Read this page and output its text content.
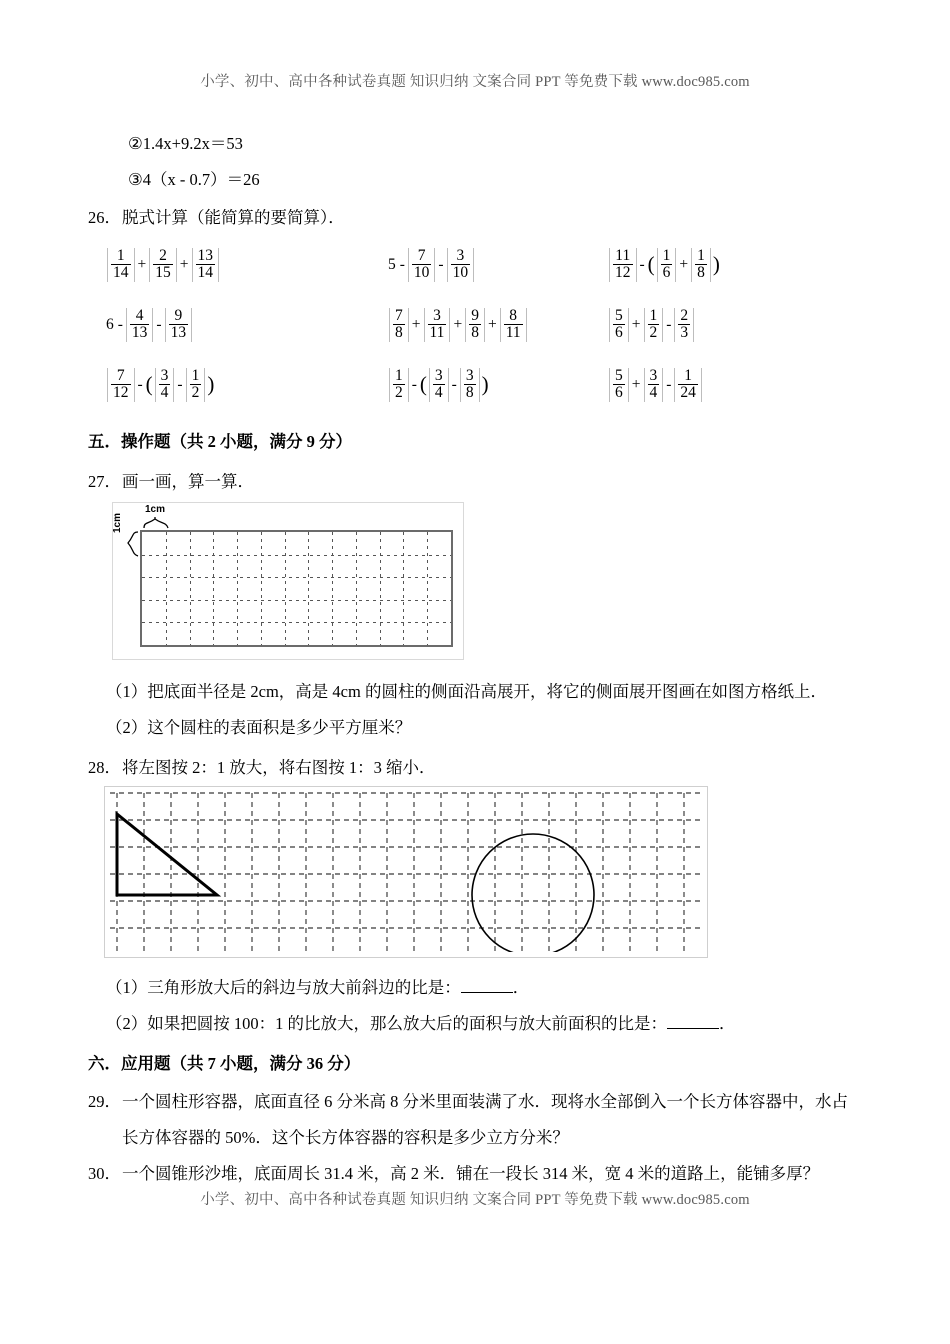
小学、初中、高中各种试卷真题 知识归纳 文案合同 PPT 等免费下载 www.doc985.com
②1.4x+9.2x＝53
③4（x - 0.7）＝26
26． 脱式计算（能简算的要简算）．
$\frac{1}{14} + \frac{2}{15} + \frac{13}{14}$	$5 - \frac{7}{10} - \frac{3}{10}$	$\frac{11}{12}$ - ( $\frac{1}{6} + \frac{1}{8}$ )
$6 - \frac{4}{13} - \frac{9}{13}$	$\frac{7}{8} + \frac{3}{11} + \frac{9}{8} + \frac{8}{11}$	$\frac{5}{6} + \frac{1}{2} - \frac{2}{3}$
$\frac{7}{12}$ - ( $\frac{3}{4} - \frac{1}{2}$ )	$\frac{1}{2}$ - ( $\frac{3}{4} - \frac{3}{8}$ )	$\frac{5}{6} + \frac{3}{4} - \frac{1}{24}$
五．操作题（共 2 小题，满分 9 分）
27． 画一画，算一算．
1cm
1cm
（1）把底面半径是 2cm，高是 4cm 的圆柱的侧面沿高展开，将它的侧面展开图画在如图方格纸上．
（2）这个圆柱的表面积是多少平方厘米？
28． 将左图按 2：1 放大，将右图按 1：3 缩小．
（1）三角形放大后的斜边与放大前斜边的比是：	．
（2）如果把圆按 100：1 的比放大，那么放大后的面积与放大前面积的比是：	．
六．应用题（共 7 小题，满分 36 分）
29． 一个圆柱形容器，底面直径 6 分米高 8 分米里面装满了水．现将水全部倒入一个长方体容器中，水占
长方体容器的 50%．这个长方体容器的容积是多少立方分米？
30． 一个圆锥形沙堆，底面周长 31.4 米，高 2 米．铺在一段长 314 米，宽 4 米的道路上，能铺多厚？
小学、初中、高中各种试卷真题 知识归纳 文案合同 PPT 等免费下载 www.doc985.com
